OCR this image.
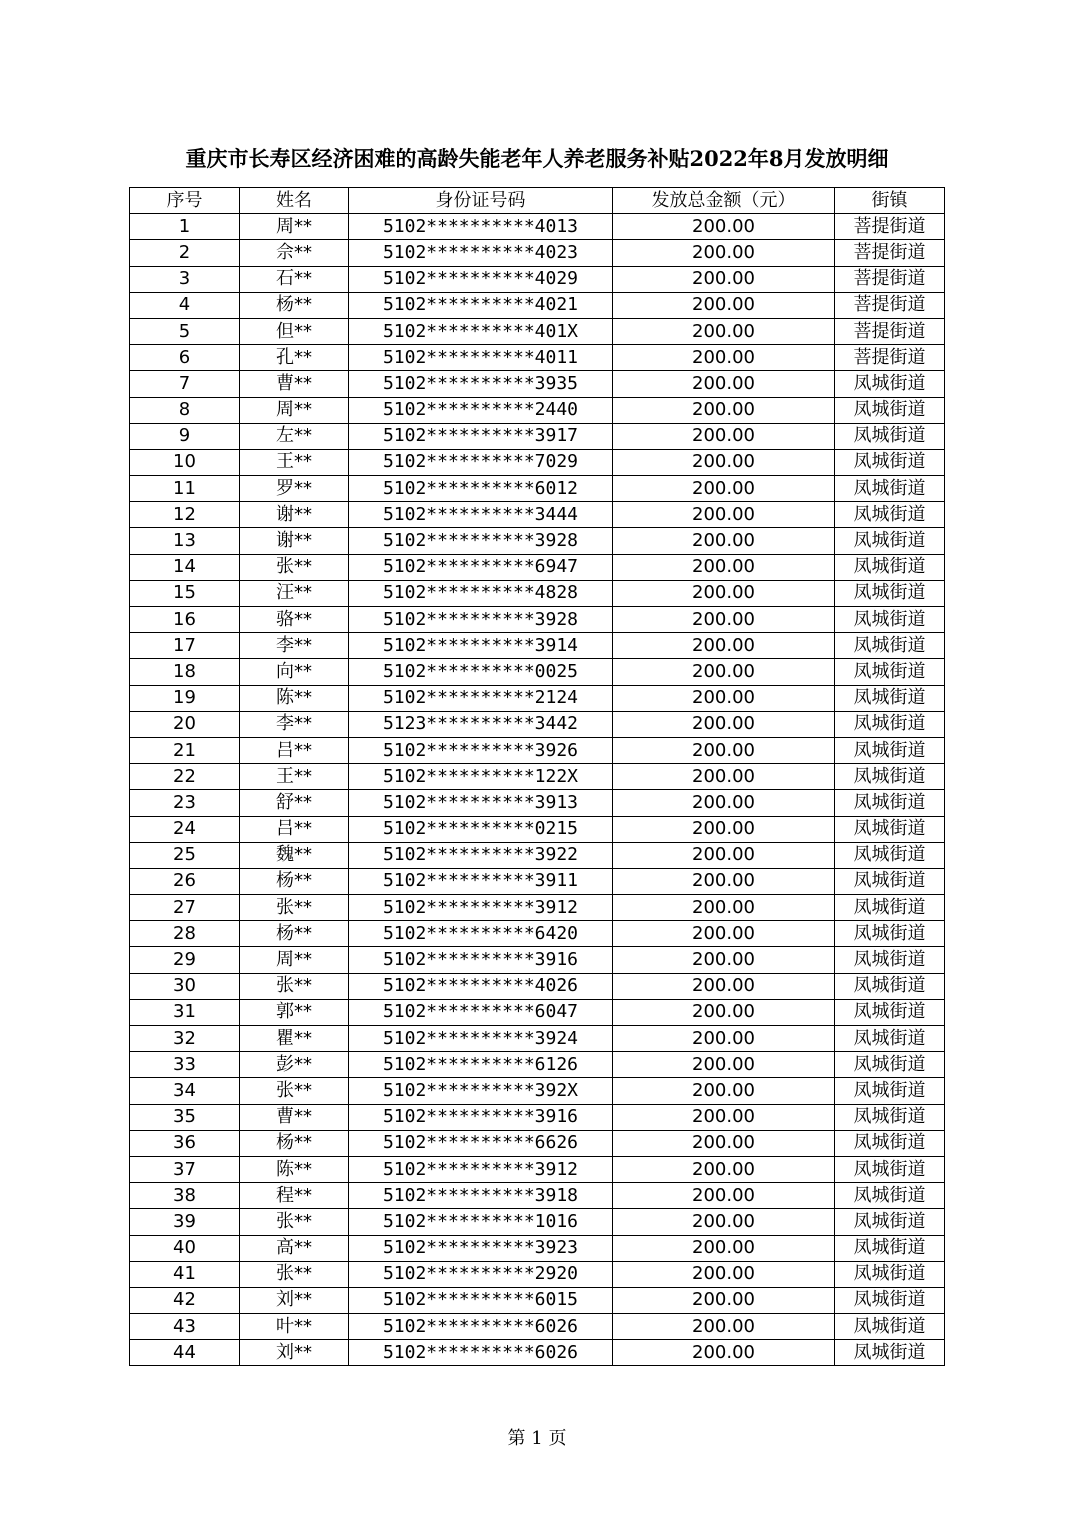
重庆市长寿区经济困难的高龄失能老年人养老服务补贴2022年8月发放明细
序号	姓名	身份证号码	发放总金额（元）	街镇
1	周**	5102**********4013	200.00	菩提街道
2	佘**	5102**********4023	200.00	菩提街道
3	石**	5102**********4029	200.00	菩提街道
4	杨**	5102**********4021	200.00	菩提街道
5	但**	5102**********401X	200.00	菩提街道
6	孔**	5102**********4011	200.00	菩提街道
7	曹**	5102**********3935	200.00	凤城街道
8	周**	5102**********2440	200.00	凤城街道
9	左**	5102**********3917	200.00	凤城街道
10	王**	5102**********7029	200.00	凤城街道
11	罗**	5102**********6012	200.00	凤城街道
12	谢**	5102**********3444	200.00	凤城街道
13	谢**	5102**********3928	200.00	凤城街道
14	张**	5102**********6947	200.00	凤城街道
15	汪**	5102**********4828	200.00	凤城街道
16	骆**	5102**********3928	200.00	凤城街道
17	李**	5102**********3914	200.00	凤城街道
18	向**	5102**********0025	200.00	凤城街道
19	陈**	5102**********2124	200.00	凤城街道
20	李**	5123**********3442	200.00	凤城街道
21	吕**	5102**********3926	200.00	凤城街道
22	王**	5102**********122X	200.00	凤城街道
23	舒**	5102**********3913	200.00	凤城街道
24	吕**	5102**********0215	200.00	凤城街道
25	魏**	5102**********3922	200.00	凤城街道
26	杨**	5102**********3911	200.00	凤城街道
27	张**	5102**********3912	200.00	凤城街道
28	杨**	5102**********6420	200.00	凤城街道
29	周**	5102**********3916	200.00	凤城街道
30	张**	5102**********4026	200.00	凤城街道
31	郭**	5102**********6047	200.00	凤城街道
32	瞿**	5102**********3924	200.00	凤城街道
33	彭**	5102**********6126	200.00	凤城街道
34	张**	5102**********392X	200.00	凤城街道
35	曹**	5102**********3916	200.00	凤城街道
36	杨**	5102**********6626	200.00	凤城街道
37	陈**	5102**********3912	200.00	凤城街道
38	程**	5102**********3918	200.00	凤城街道
39	张**	5102**********1016	200.00	凤城街道
40	高**	5102**********3923	200.00	凤城街道
41	张**	5102**********2920	200.00	凤城街道
42	刘**	5102**********6015	200.00	凤城街道
43	叶**	5102**********6026	200.00	凤城街道
44	刘**	5102**********6026	200.00	凤城街道
第 1 页
